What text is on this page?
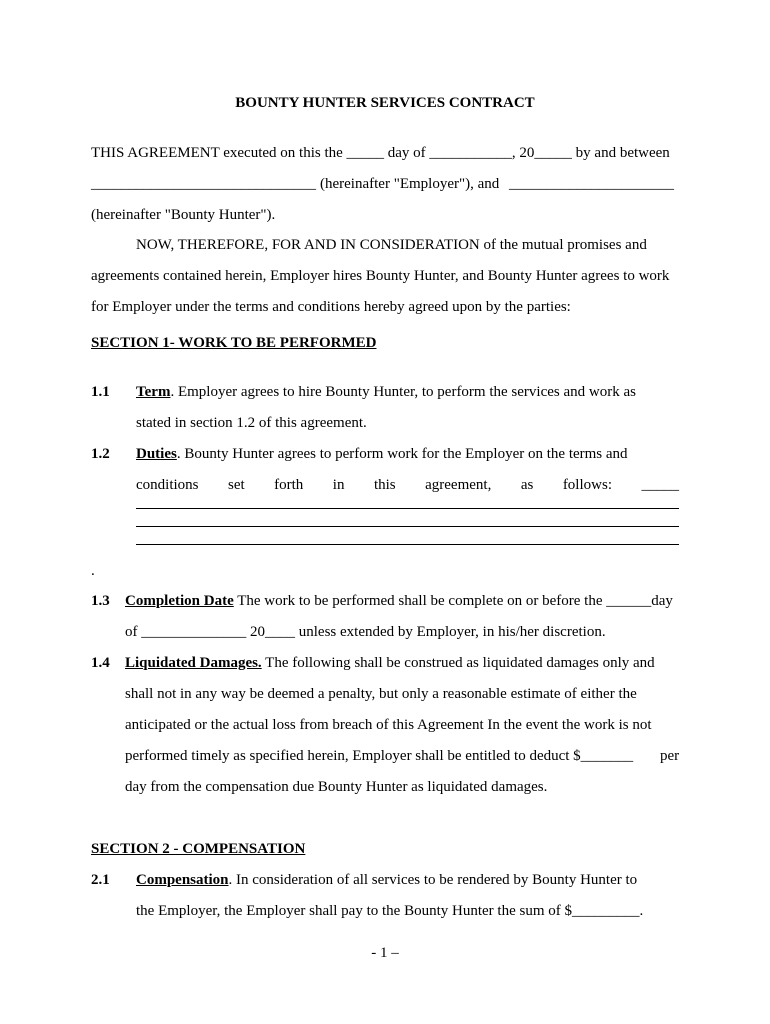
BOUNTY HUNTER SERVICES CONTRACT
THIS AGREEMENT executed on this the _____ day of ___________, 20_____ by and between
______________________________ (hereinafter "Employer"), and ______________________
(hereinafter "Bounty Hunter").
NOW, THEREFORE, FOR AND IN CONSIDERATION of the mutual promises and
agreements contained herein, Employer hires Bounty Hunter, and Bounty Hunter agrees to work
for Employer under the terms and conditions hereby agreed upon by the parties:
SECTION 1- WORK TO BE PERFORMED
1.1 Term. Employer agrees to hire Bounty Hunter, to perform the services and work as
stated in section 1.2 of this agreement.
1.2 Duties. Bounty Hunter agrees to perform work for the Employer on the terms and
conditions set forth in this agreement, as follows: _____
.
1.3 Completion Date The work to be performed shall be complete on or before the ______day
of ______________ 20____ unless extended by Employer, in his/her discretion.
1.4 Liquidated Damages. The following shall be construed as liquidated damages only and
shall not in any way be deemed a penalty, but only a reasonable estimate of either the
anticipated or the actual loss from breach of this Agreement In the event the work is not
performed timely as specified herein, Employer shall be entitled to deduct $_______ per
day from the compensation due Bounty Hunter as liquidated damages.
SECTION 2 - COMPENSATION
2.1 Compensation. In consideration of all services to be rendered by Bounty Hunter to
the Employer, the Employer shall pay to the Bounty Hunter the sum of $_________.
- 1 –
